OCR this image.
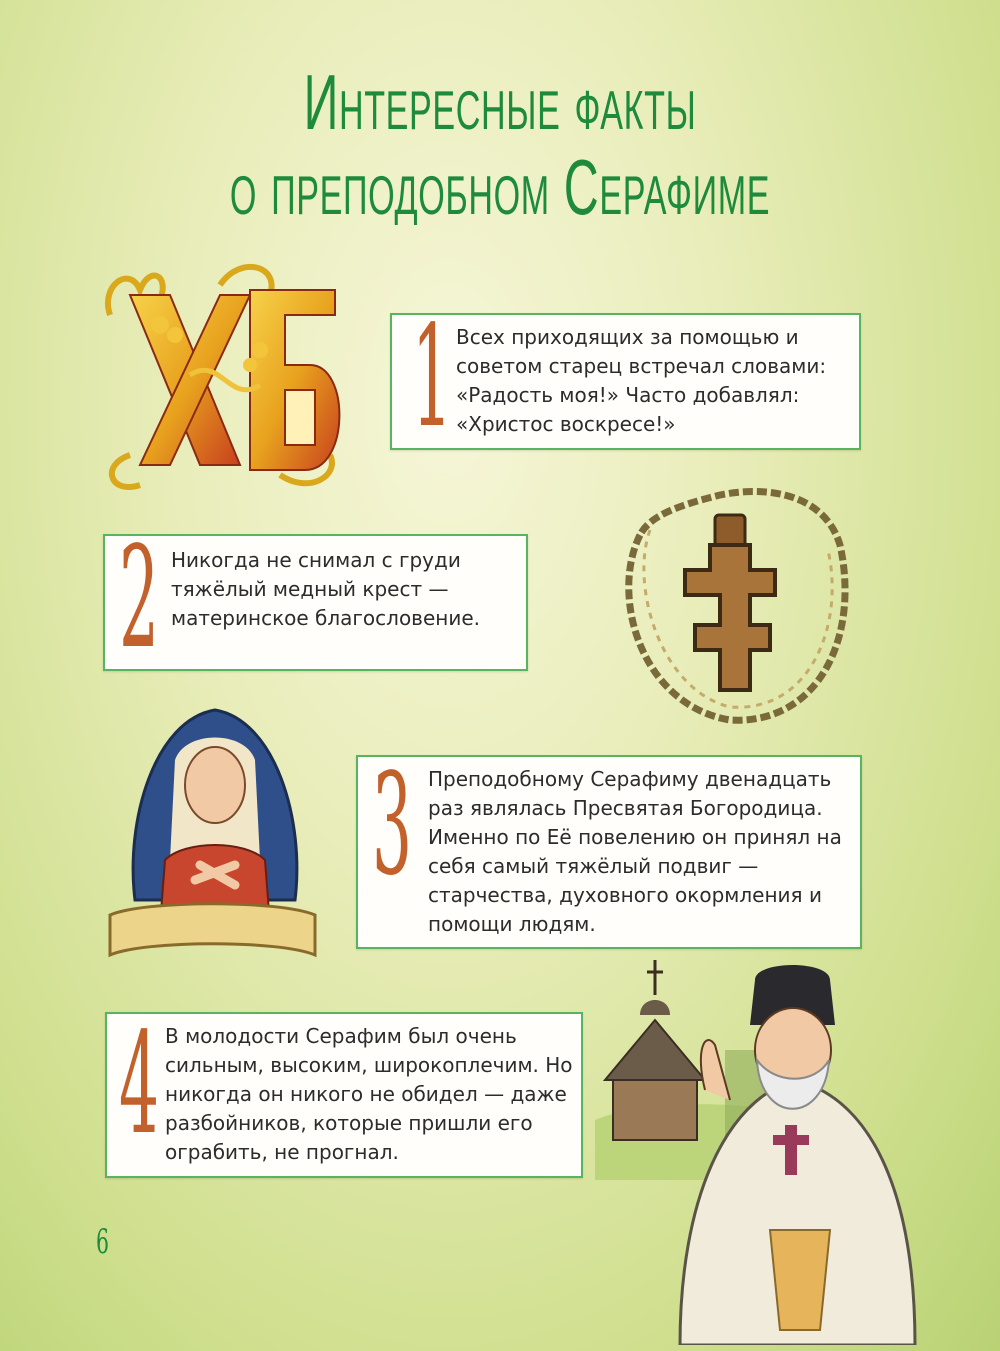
Интересные факты
о преподобном Серафиме
1 Всех приходящих за помощью и советом старец встречал словами: «Радость моя!» Часто добавлял: «Христос воскресе!»
2 Никогда не снимал с груди тяжёлый медный крест — материнское благословение.
3 Преподобному Серафиму двенадцать раз являлась Пресвятая Богородица. Именно по Её повелению он принял на себя самый тяжёлый подвиг — старчества, духовного окормления и помощи людям.
4 В молодости Серафим был очень сильным, высоким, широкоплечим. Но никогда он никого не обидел — даже разбойников, которые пришли его ограбить, не прогнал.
6
